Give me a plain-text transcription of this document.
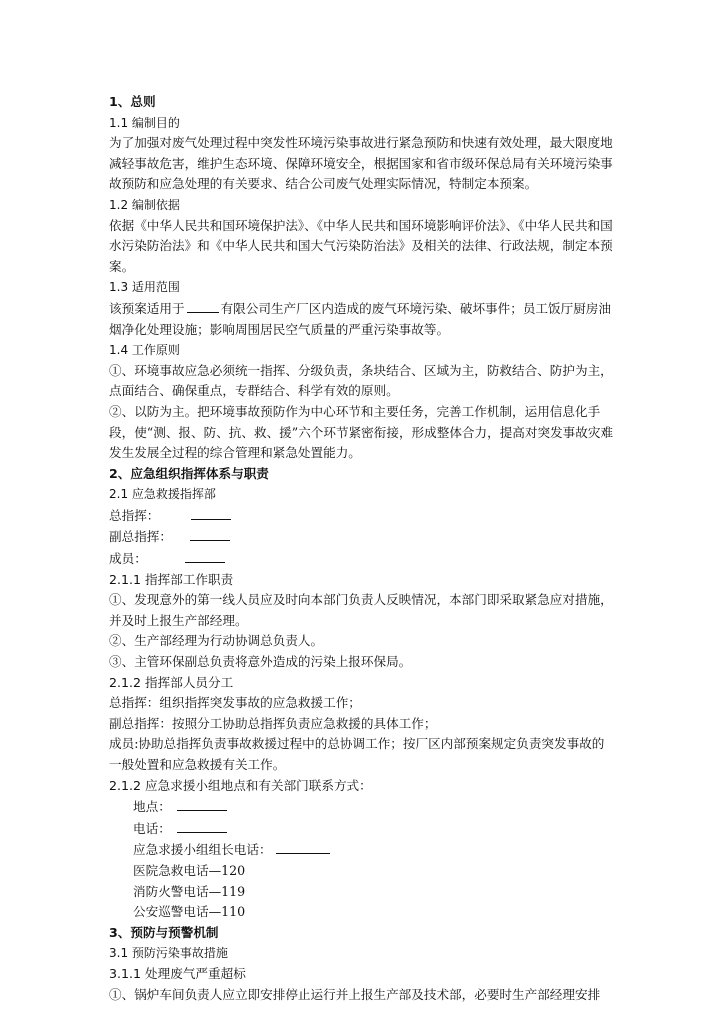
1、总则
1.1 编制目的
为了加强对废气处理过程中突发性环境污染事故进行紧急预防和快速有效处理，最大限度地
减轻事故危害，维护生态环境、保障环境安全，根据国家和省市级环保总局有关环境污染事
故预防和应急处理的有关要求、结合公司废气处理实际情况，特制定本预案。
1.2 编制依据
依据《中华人民共和国环境保护法》、《中华人民共和国环境影响评价法》、《中华人民共和国
水污染防治法》和《中华人民共和国大气污染防治法》及相关的法律、行政法规，制定本预
案。
1.3 适用范围
该预案适用于	有限公司生产厂区内造成的废气环境污染、破坏事件；员工饭厅厨房油
烟净化处理设施；影响周围居民空气质量的严重污染事故等。
1.4 工作原则
①、环境事故应急必须统一指挥、分级负责，条块结合、区域为主，防救结合、防护为主，
点面结合、确保重点，专群结合、科学有效的原则。
②、以防为主。把环境事故预防作为中心环节和主要任务，完善工作机制，运用信息化手
段，使“测、报、防、抗、救、援”六个环节紧密衔接，形成整体合力，提高对突发事故灾难
发生发展全过程的综合管理和紧急处置能力。
2、应急组织指挥体系与职责
2.1 应急救援指挥部
总指挥：
副总指挥：
成员：
2.1.1 指挥部工作职责
①、发现意外的第一线人员应及时向本部门负责人反映情况，本部门即采取紧急应对措施，
并及时上报生产部经理。
②、生产部经理为行动协调总负责人。
③、主管环保副总负责将意外造成的污染上报环保局。
2.1.2 指挥部人员分工
总指挥：组织指挥突发事故的应急救援工作；
副总指挥：按照分工协助总指挥负责应急救援的具体工作；
成员:协助总指挥负责事故救援过程中的总协调工作；按厂区内部预案规定负责突发事故的
一般处置和应急救援有关工作。
2.1.2 应急求援小组地点和有关部门联系方式：
地点：
电话：
应急求援小组组长电话：
医院急救电话—120
消防火警电话—119
公安巡警电话—110
3、预防与预警机制
3.1 预防污染事故措施
3.1.1 处理废气严重超标
①、锅炉车间负责人应立即安排停止运行并上报生产部及技术部，必要时生产部经理安排
